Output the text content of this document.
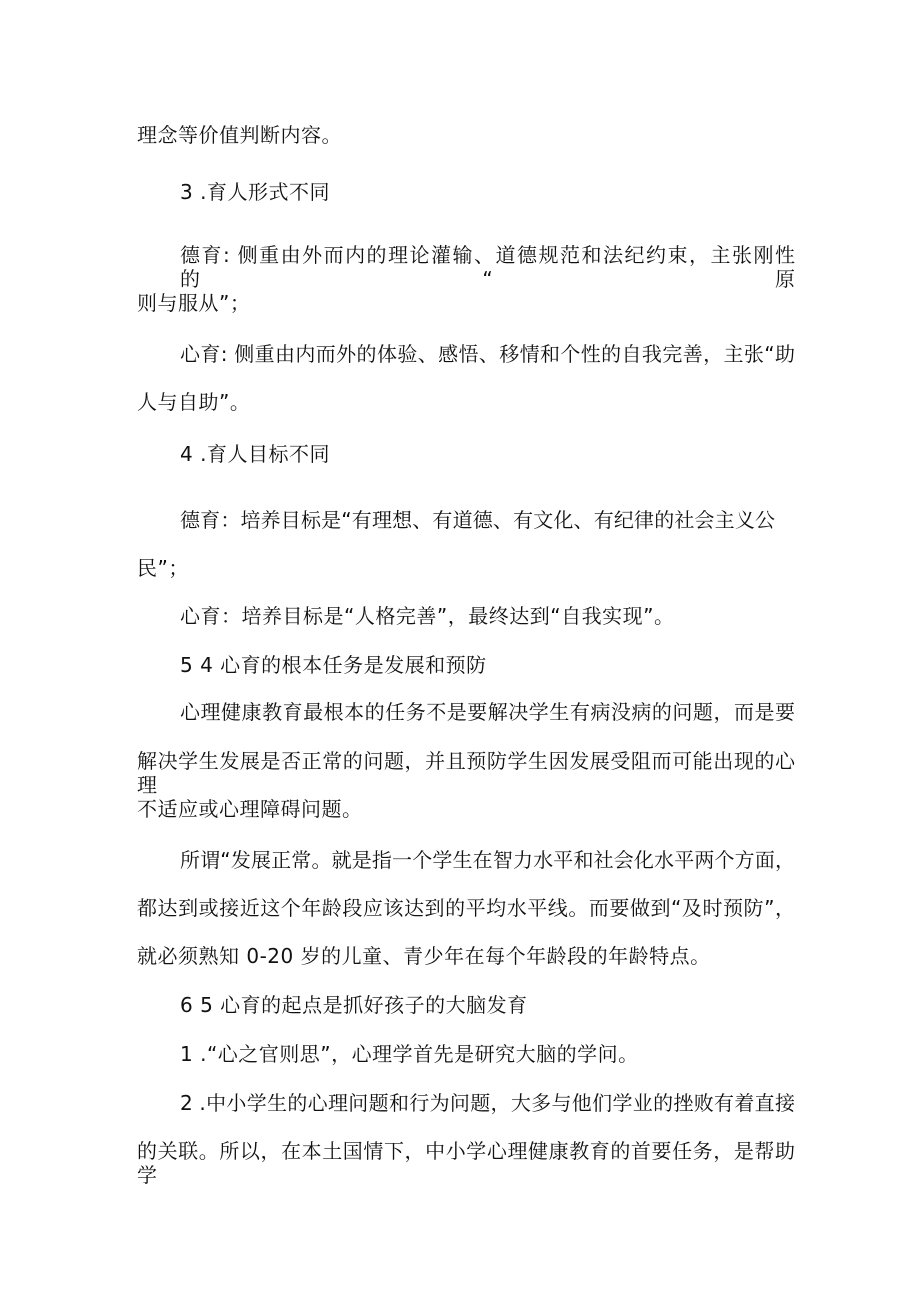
理念等价值判断内容。
3 .育人形式不同
德育: 侧重由外而内的理论灌输、道德规范和法纪约束，主张刚性的“原
则与服从”；
心育: 侧重由内而外的体验、感悟、移情和个性的自我完善，主张“助
人与自助”。
4 .育人目标不同
德育：培养目标是“有理想、有道德、有文化、有纪律的社会主义公
民”；
心育：培养目标是“人格完善”，最终达到“自我实现”。
5 4 心育的根本任务是发展和预防
心理健康教育最根本的任务不是要解决学生有病没病的问题，而是要
解决学生发展是否正常的问题，并且预防学生因发展受阻而可能出现的心理
不适应或心理障碍问题。
所谓“发展正常。就是指一个学生在智力水平和社会化水平两个方面，
都达到或接近这个年龄段应该达到的平均水平线。而要做到“及时预防”，
就必须熟知 0-20 岁的儿童、青少年在每个年龄段的年龄特点。
6 5 心育的起点是抓好孩子的大脑发育
1 .“心之官则思”，心理学首先是研究大脑的学问。
2 .中小学生的心理问题和行为问题，大多与他们学业的挫败有着直接
的关联。所以，在本土国情下，中小学心理健康教育的首要任务，是帮助学
